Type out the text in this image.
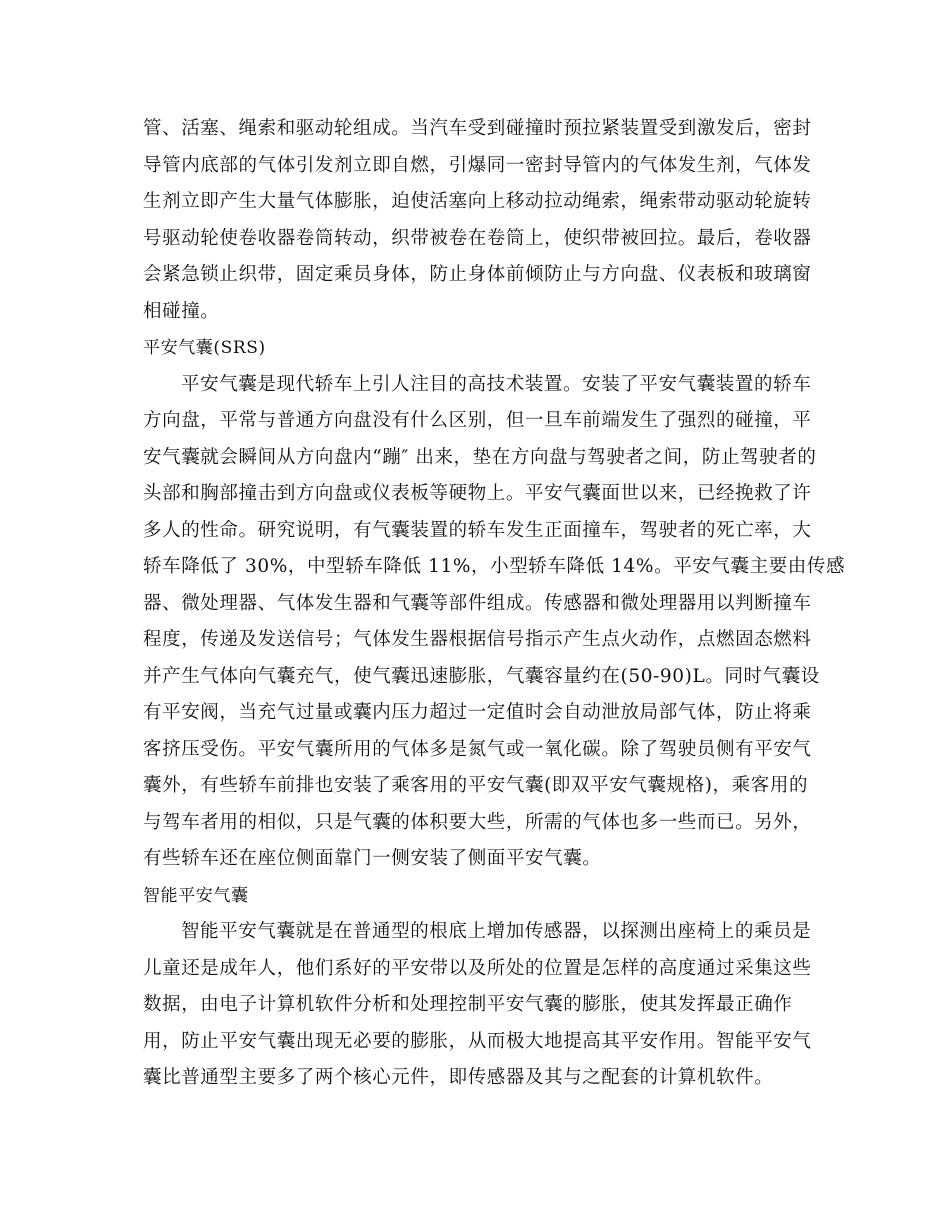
管、活塞、绳索和驱动轮组成。当汽车受到碰撞时预拉紧装置受到激发后，密封
导管内底部的气体引发剂立即自燃，引爆同一密封导管内的气体发生剂，气体发
生剂立即产生大量气体膨胀，迫使活塞向上移动拉动绳索，绳索带动驱动轮旋转
号驱动轮使卷收器卷筒转动，织带被卷在卷筒上，使织带被回拉。最后，卷收器
会紧急锁止织带，固定乘员身体，防止身体前倾防止与方向盘、仪表板和玻璃窗
相碰撞。
平安气囊(SRS)
平安气囊是现代轿车上引人注目的高技术装置。安装了平安气囊装置的轿车
方向盘，平常与普通方向盘没有什么区别，但一旦车前端发生了强烈的碰撞，平
安气囊就会瞬间从方向盘内“蹦″ 出来，垫在方向盘与驾驶者之间，防止驾驶者的
头部和胸部撞击到方向盘或仪表板等硬物上。平安气囊面世以来，已经挽救了许
多人的性命。研究说明，有气囊装置的轿车发生正面撞车，驾驶者的死亡率，大
轿车降低了 30%，中型轿车降低 11%，小型轿车降低 14%。平安气囊主要由传感
器、微处理器、气体发生器和气囊等部件组成。传感器和微处理器用以判断撞车
程度，传递及发送信号；气体发生器根据信号指示产生点火动作，点燃固态燃料
并产生气体向气囊充气，使气囊迅速膨胀，气囊容量约在(50-90)L。同时气囊设
有平安阀，当充气过量或囊内压力超过一定值时会自动泄放局部气体，防止将乘
客挤压受伤。平安气囊所用的气体多是氮气或一氧化碳。除了驾驶员侧有平安气
囊外，有些轿车前排也安装了乘客用的平安气囊(即双平安气囊规格)，乘客用的
与驾车者用的相似，只是气囊的体积要大些，所需的气体也多一些而已。另外，
有些轿车还在座位侧面靠门一侧安装了侧面平安气囊。
智能平安气囊
智能平安气囊就是在普通型的根底上增加传感器，以探测出座椅上的乘员是
儿童还是成年人，他们系好的平安带以及所处的位置是怎样的高度通过采集这些
数据，由电子计算机软件分析和处理控制平安气囊的膨胀，使其发挥最正确作
用，防止平安气囊出现无必要的膨胀，从而极大地提高其平安作用。智能平安气
囊比普通型主要多了两个核心元件，即传感器及其与之配套的计算机软件。
